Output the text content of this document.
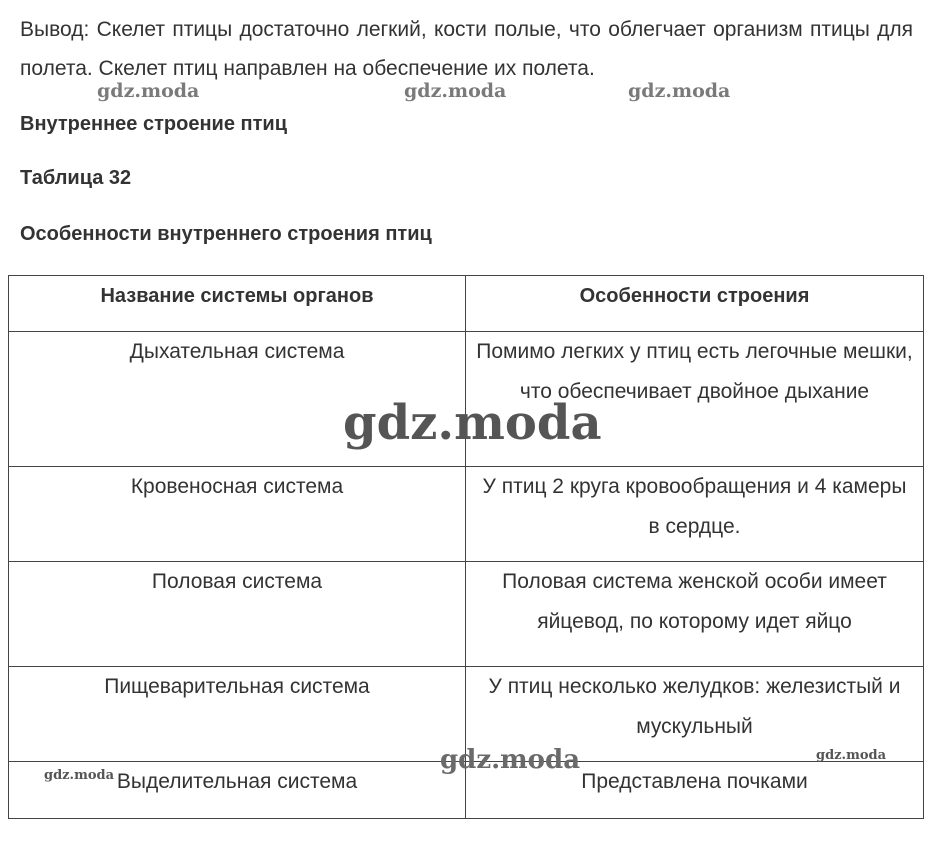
Вывод: Скелет птицы достаточно легкий, кости полые, что облегчает организм птицы для полета. Скелет птиц направлен на обеспечение их полета.
Внутреннее строение птиц
Таблица 32
Особенности внутреннего строения птиц
Название системы органов	Особенности строения
Дыхательная система	Помимо легких у птиц есть легочные мешки, что обеспечивает двойное дыхание
Кровеносная система	У птиц 2 круга кровообращения и 4 камеры в сердце.
Половая система	Половая система женской особи имеет яйцевод, по которому идет яйцо
Пищеварительная система	У птиц несколько желудков: железистый и мускульный
Выделительная система	Представлена почками
gdz.moda	gdz.moda	gdz.moda
gdz.moda
gdz.moda	gdz.moda
gdz.moda
